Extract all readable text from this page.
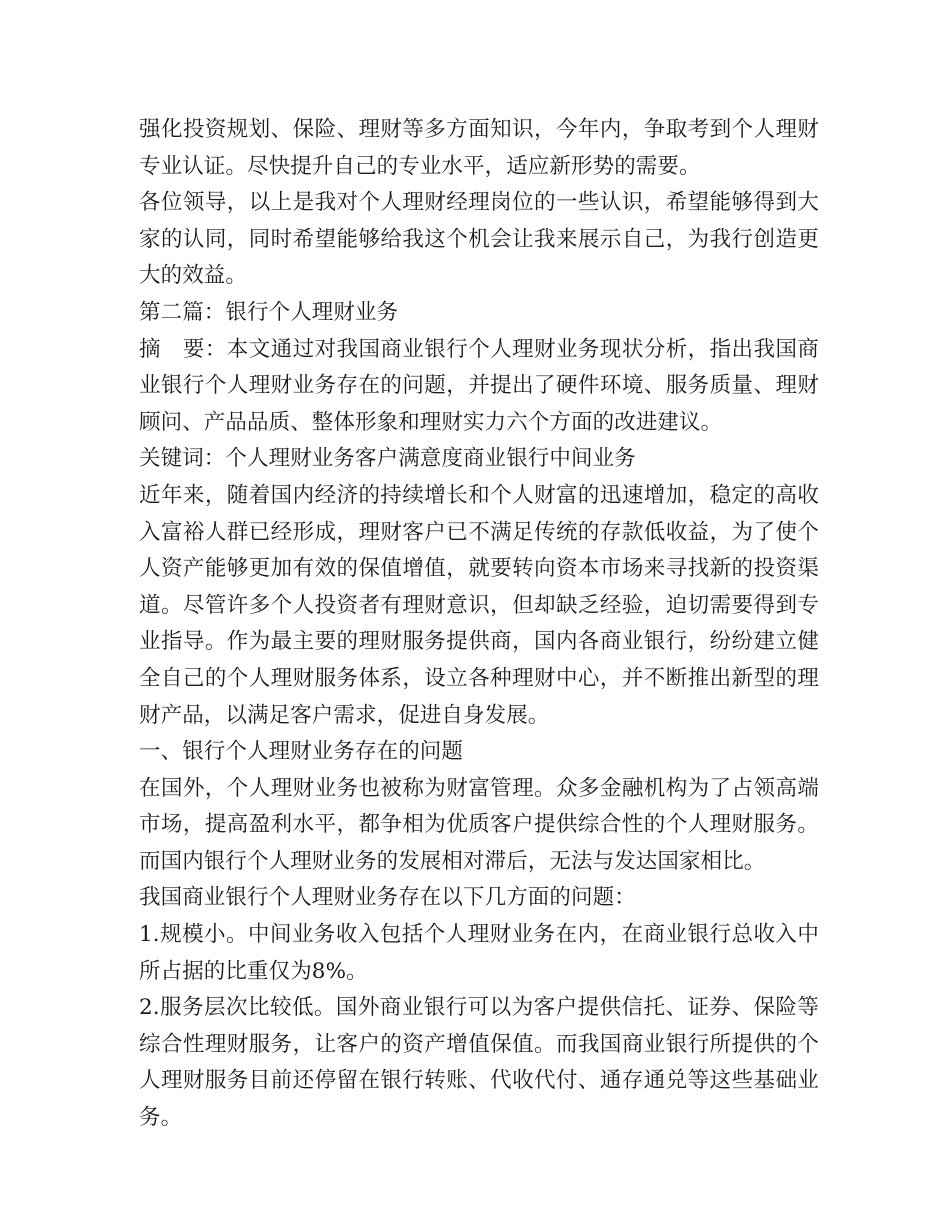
强化投资规划、保险、理财等多方面知识，今年内，争取考到个人理财专业认证。尽快提升自己的专业水平，适应新形势的需要。

各位领导，以上是我对个人理财经理岗位的一些认识，希望能够得到大家的认同，同时希望能够给我这个机会让我来展示自己，为我行创造更大的效益。

第二篇：银行个人理财业务

摘　要：本文通过对我国商业银行个人理财业务现状分析，指出我国商业银行个人理财业务存在的问题，并提出了硬件环境、服务质量、理财顾问、产品品质、整体形象和理财实力六个方面的改进建议。

关键词：个人理财业务客户满意度商业银行中间业务

近年来，随着国内经济的持续增长和个人财富的迅速增加，稳定的高收入富裕人群已经形成，理财客户已不满足传统的存款低收益，为了使个人资产能够更加有效的保值增值，就要转向资本市场来寻找新的投资渠道。尽管许多个人投资者有理财意识，但却缺乏经验，迫切需要得到专业指导。作为最主要的理财服务提供商，国内各商业银行，纷纷建立健全自己的个人理财服务体系，设立各种理财中心，并不断推出新型的理财产品，以满足客户需求，促进自身发展。

一、银行个人理财业务存在的问题

在国外，个人理财业务也被称为财富管理。众多金融机构为了占领高端市场，提高盈利水平，都争相为优质客户提供综合性的个人理财服务。而国内银行个人理财业务的发展相对滞后，无法与发达国家相比。

我国商业银行个人理财业务存在以下几方面的问题：

1.规模小。中间业务收入包括个人理财业务在内，在商业银行总收入中所占据的比重仅为8%。

2.服务层次比较低。国外商业银行可以为客户提供信托、证券、保险等综合性理财服务，让客户的资产增值保值。而我国商业银行所提供的个人理财服务目前还停留在银行转账、代收代付、通存通兑等这些基础业务。
